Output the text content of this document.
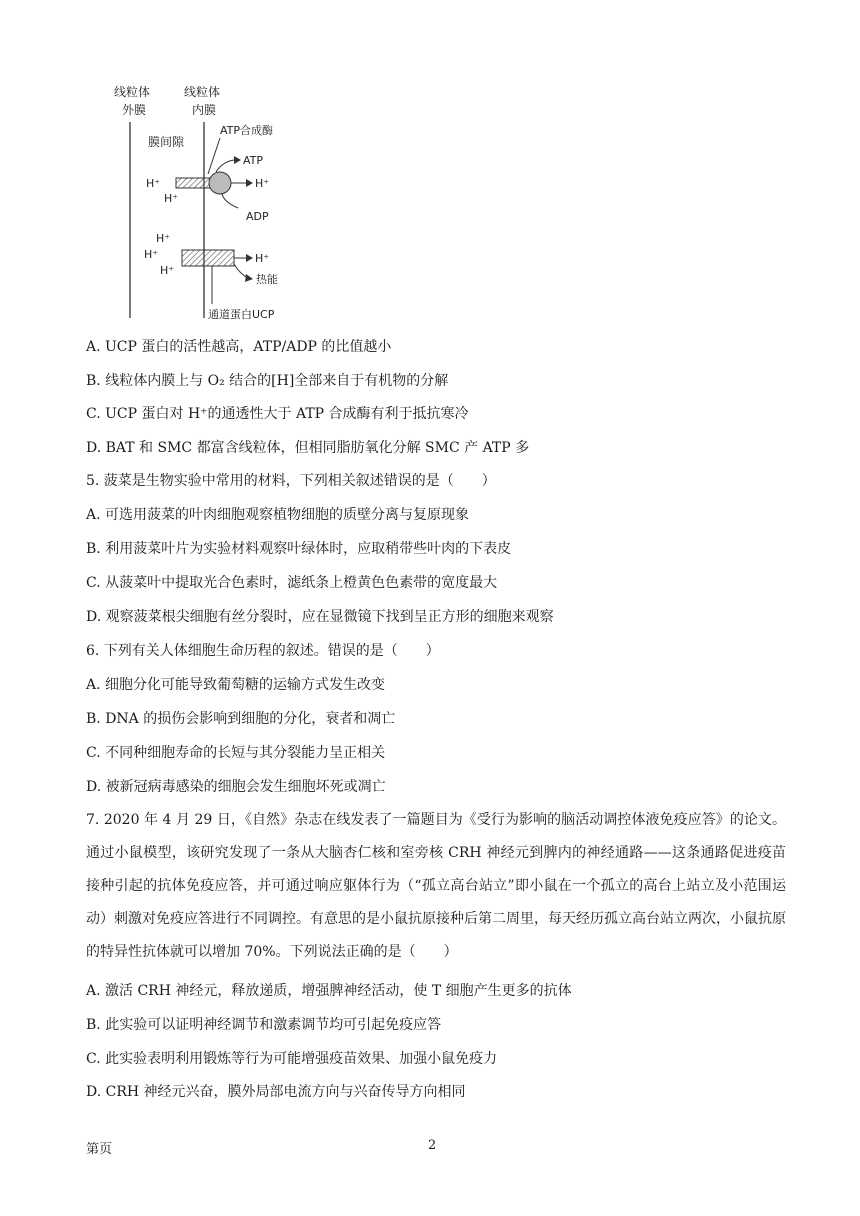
线粒体
外膜
线粒体
内膜
膜间隙
ATP合成酶
ATP
H⁺
ADP
H⁺
H⁺
H⁺
H⁺
H⁺
H⁺
热能
通道蛋白UCP
A. UCP 蛋白的活性越高，ATP/ADP 的比值越小
B. 线粒体内膜上与 O₂ 结合的[H]全部来自于有机物的分解
C. UCP 蛋白对 H⁺的通透性大于 ATP 合成酶有利于抵抗寒冷
D. BAT 和 SMC 都富含线粒体，但相同脂肪氧化分解 SMC 产 ATP 多
5. 菠菜是生物实验中常用的材料，下列相关叙述错误的是（　　）
A. 可选用菠菜的叶肉细胞观察植物细胞的质壁分离与复原现象
B. 利用菠菜叶片为实验材料观察叶绿体时，应取稍带些叶肉的下表皮
C. 从菠菜叶中提取光合色素时，滤纸条上橙黄色色素带的宽度最大
D. 观察菠菜根尖细胞有丝分裂时，应在显微镜下找到呈正方形的细胞来观察
6. 下列有关人体细胞生命历程的叙述。错误的是（　　）
A. 细胞分化可能导致葡萄糖的运输方式发生改变
B. DNA 的损伤会影响到细胞的分化，衰者和凋亡
C. 不同种细胞寿命的长短与其分裂能力呈正相关
D. 被新冠病毒感染的细胞会发生细胞坏死或凋亡
7. 2020 年 4 月 29 日，《自然》杂志在线发表了一篇题目为《受行为影响的脑活动调控体液免疫应答》的论文。通过小鼠模型，该研究发现了一条从大脑杏仁核和室旁核 CRH 神经元到脾内的神经通路——这条通路促进疫苗接种引起的抗体免疫应答，并可通过响应躯体行为（“孤立高台站立”即小鼠在一个孤立的高台上站立及小范围运动）刺激对免疫应答进行不同调控。有意思的是小鼠抗原接种后第二周里，每天经历孤立高台站立两次，小鼠抗原的特异性抗体就可以增加 70%。下列说法正确的是（　　）
A. 激活 CRH 神经元，释放递质，增强脾神经活动，使 T 细胞产生更多的抗体
B. 此实验可以证明神经调节和激素调节均可引起免疫应答
C. 此实验表明利用锻炼等行为可能增强疫苗效果、加强小鼠免疫力
D. CRH 神经元兴奋，膜外局部电流方向与兴奋传导方向相同
第页	2
